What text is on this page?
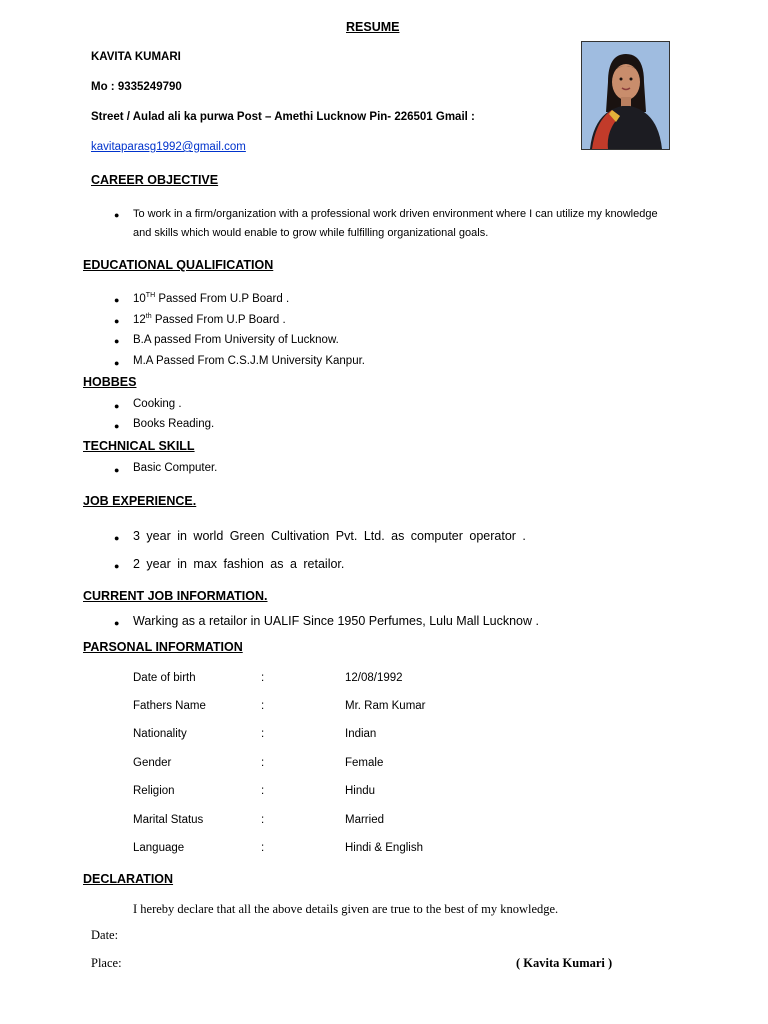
RESUME
KAVITA KUMARI
Mo : 9335249790
Street / Aulad ali ka purwa Post – Amethi Lucknow Pin- 226501 Gmail :
kavitaparasg1992@gmail.com
CAREER OBJECTIVE
● To work in a firm/organization with a professional work driven environment where I can utilize my knowledge
and skills which would enable to grow while fulfilling organizational goals.
EDUCATIONAL QUALIFICATION
● 10TH Passed From U.P Board .
● 12th Passed From U.P Board .
● B.A passed From University of Lucknow.
● M.A Passed From C.S.J.M University Kanpur.
HOBBES
● Cooking .
● Books Reading.
TECHNICAL SKILL
● Basic Computer.
JOB EXPERIENCE.
● 3 year in world Green Cultivation Pvt. Ltd. as computer operator .
● 2 year in max fashion as a retailor.
CURRENT JOB INFORMATION.
● Warking as a retailor in UALIF Since 1950 Perfumes, Lulu Mall Lucknow .
PARSONAL INFORMATION
Date of birth	:	12/08/1992
Fathers Name	:	Mr. Ram Kumar
Nationality	:	Indian
Gender	:	Female
Religion	:	Hindu
Marital Status	:	Married
Language	:	Hindi & English
DECLARATION
I hereby declare that all the above details given are true to the best of my knowledge.
Date:
Place:	( Kavita Kumari )
